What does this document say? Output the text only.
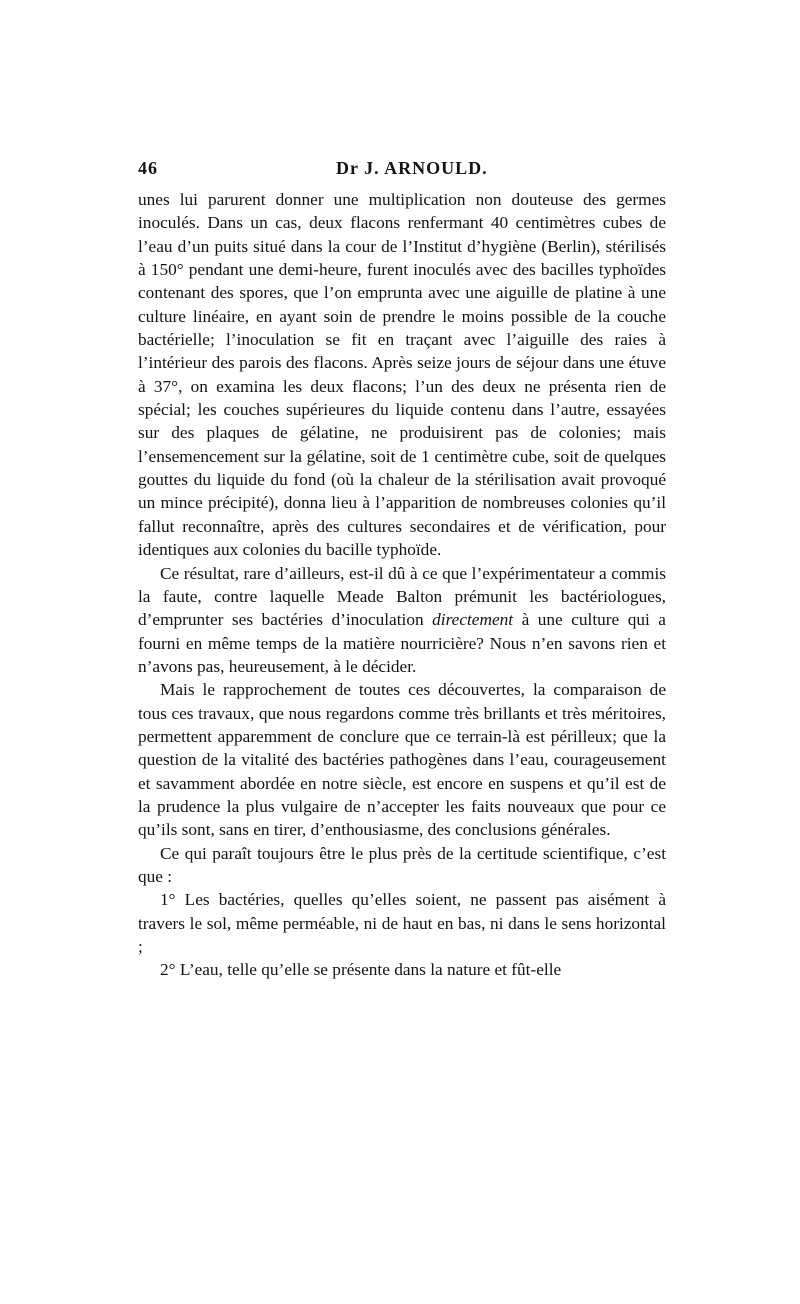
46	Dr J. ARNOULD.

unes lui parurent donner une multiplication non douteuse des germes inoculés. Dans un cas, deux flacons renfermant 40 centimètres cubes de l’eau d’un puits situé dans la cour de l’Institut d’hygiène (Berlin), stérilisés à 150° pendant une demi-heure, furent inoculés avec des bacilles typhoïdes contenant des spores, que l’on emprunta avec une aiguille de platine à une culture linéaire, en ayant soin de prendre le moins possible de la couche bactérielle; l’inoculation se fit en traçant avec l’aiguille des raies à l’intérieur des parois des flacons. Après seize jours de séjour dans une étuve à 37°, on examina les deux flacons; l’un des deux ne présenta rien de spécial; les couches supérieures du liquide contenu dans l’autre, essayées sur des plaques de gélatine, ne produisirent pas de colonies; mais l’ensemencement sur la gélatine, soit de 1 centimètre cube, soit de quelques gouttes du liquide du fond (où la chaleur de la stérilisation avait provoqué un mince précipité), donna lieu à l’apparition de nombreuses colonies qu’il fallut reconnaître, après des cultures secondaires et de vérification, pour identiques aux colonies du bacille typhoïde.

Ce résultat, rare d’ailleurs, est-il dû à ce que l’expérimentateur a commis la faute, contre laquelle Meade Balton prémunit les bactériologues, d’emprunter ses bactéries d’inoculation directement à une culture qui a fourni en même temps de la matière nourricière? Nous n’en savons rien et n’avons pas, heureusement, à le décider.

Mais le rapprochement de toutes ces découvertes, la comparaison de tous ces travaux, que nous regardons comme très brillants et très méritoires, permettent apparemment de conclure que ce terrain-là est périlleux; que la question de la vitalité des bactéries pathogènes dans l’eau, courageusement et savamment abordée en notre siècle, est encore en suspens et qu’il est de la prudence la plus vulgaire de n’accepter les faits nouveaux que pour ce qu’ils sont, sans en tirer, d’enthousiasme, des conclusions générales.

Ce qui paraît toujours être le plus près de la certitude scientifique, c’est que :

1° Les bactéries, quelles qu’elles soient, ne passent pas aisément à travers le sol, même perméable, ni de haut en bas, ni dans le sens horizontal ;

2° L’eau, telle qu’elle se présente dans la nature et fût-elle
